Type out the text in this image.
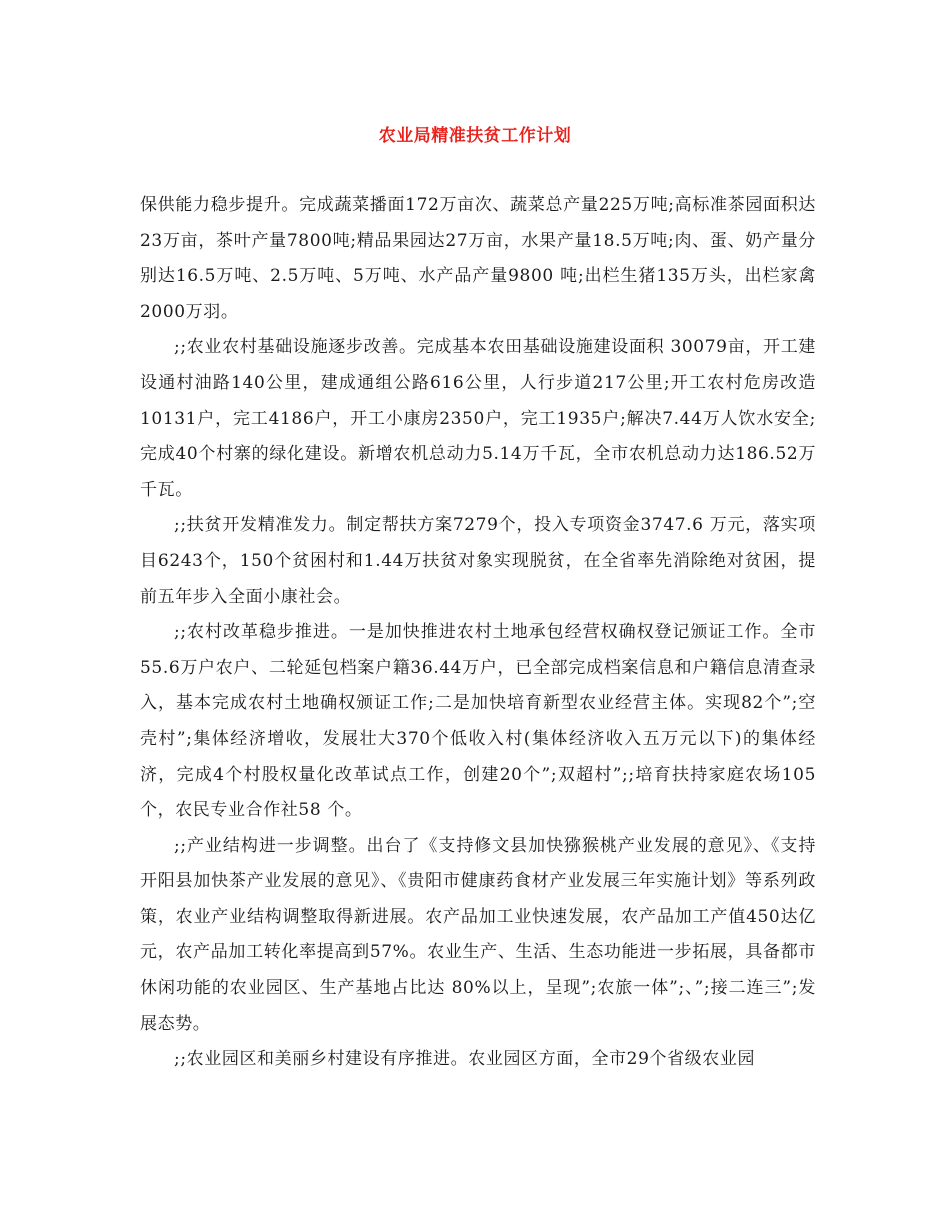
农业局精准扶贫工作计划

保供能力稳步提升。完成蔬菜播面172万亩次、蔬菜总产量225万吨;高标准茶园面积达23万亩，茶叶产量7800吨;精品果园达27万亩，水果产量18.5万吨;肉、蛋、奶产量分别达16.5万吨、2.5万吨、5万吨、水产品产量9800 吨;出栏生猪135万头，出栏家禽2000万羽。

;;农业农村基础设施逐步改善。完成基本农田基础设施建设面积 30079亩，开工建设通村油路140公里，建成通组公路616公里，人行步道217公里;开工农村危房改造10131户，完工4186户，开工小康房2350户，完工1935户;解决7.44万人饮水安全;完成40个村寨的绿化建设。新增农机总动力5.14万千瓦，全市农机总动力达186.52万千瓦。

;;扶贫开发精准发力。制定帮扶方案7279个，投入专项资金3747.6 万元，落实项目6243个，150个贫困村和1.44万扶贫对象实现脱贫，在全省率先消除绝对贫困，提前五年步入全面小康社会。

;;农村改革稳步推进。一是加快推进农村土地承包经营权确权登记颁证工作。全市55.6万户农户、二轮延包档案户籍36.44万户，已全部完成档案信息和户籍信息清查录入，基本完成农村土地确权颁证工作;二是加快培育新型农业经营主体。实现82个”;空壳村”;集体经济增收，发展壮大370个低收入村(集体经济收入五万元以下)的集体经济，完成4个村股权量化改革试点工作，创建20个”;双超村”;;培育扶持家庭农场105 个，农民专业合作社58 个。

;;产业结构进一步调整。出台了《支持修文县加快猕猴桃产业发展的意见》、《支持开阳县加快茶产业发展的意见》、《贵阳市健康药食材产业发展三年实施计划》等系列政策，农业产业结构调整取得新进展。农产品加工业快速发展，农产品加工产值450达亿元，农产品加工转化率提高到57%。农业生产、生活、生态功能进一步拓展，具备都市休闲功能的农业园区、生产基地占比达 80%以上，呈现”;农旅一体”;、”;接二连三”;发展态势。

;;农业园区和美丽乡村建设有序推进。农业园区方面，全市29个省级农业园
